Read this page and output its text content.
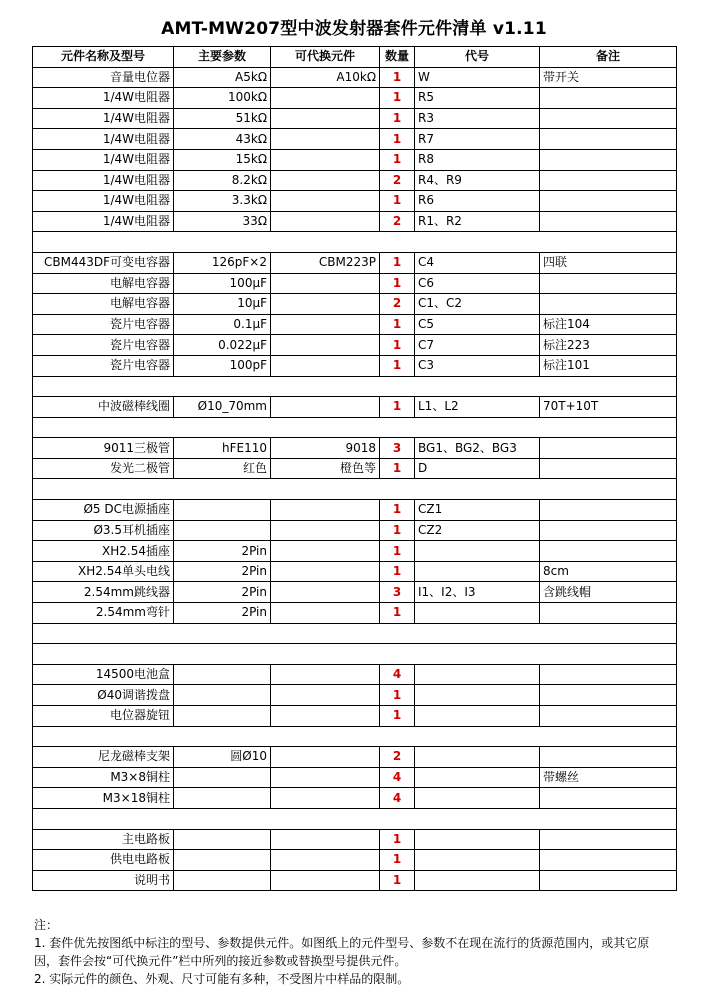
AMT-MW207型中波发射器套件元件清单 v1.11
元件名称及型号	主要参数	可代换元件	数量	代号	备注
音量电位器	A5kΩ	A10kΩ	1	W	带开关
1/4W电阻器	100kΩ		1	R5	
1/4W电阻器	51kΩ		1	R3	
1/4W电阻器	43kΩ		1	R7	
1/4W电阻器	15kΩ		1	R8	
1/4W电阻器	8.2kΩ		2	R4、R9	
1/4W电阻器	3.3kΩ		1	R6	
1/4W电阻器	33Ω		2	R1、R2	

CBM443DF可变电容器	126pF×2	CBM223P	1	C4	四联
电解电容器	100μF		1	C6	
电解电容器	10μF		2	C1、C2	
瓷片电容器	0.1μF		1	C5	标注104
瓷片电容器	0.022μF		1	C7	标注223
瓷片电容器	100pF		1	C3	标注101

中波磁棒线圈	Ø10_70mm		1	L1、L2	70T+10T

9011三极管	hFE110	9018	3	BG1、BG2、BG3	
发光二极管	红色	橙色等	1	D	

Ø5 DC电源插座			1	CZ1	
Ø3.5耳机插座			1	CZ2	
XH2.54插座	2Pin		1		
XH2.54单头电线	2Pin		1		8cm
2.54mm跳线器	2Pin		3	I1、I2、I3	含跳线帽
2.54mm弯针	2Pin		1		

14500电池盒			4		
Ø40调谐拨盘			1		
电位器旋钮			1		

尼龙磁棒支架	圆Ø10		2		
M3×8铜柱			4		带螺丝
M3×18铜柱			4		

主电路板			1		
供电电路板			1		
说明书			1		
注：
1. 套件优先按图纸中标注的型号、参数提供元件。如图纸上的元件型号、参数不在现在流行的货源范围内，或其它原
因，套件会按“可代换元件”栏中所列的接近参数或替换型号提供元件。
2. 实际元件的颜色、外观、尺寸可能有多种，不受图片中样品的限制。
